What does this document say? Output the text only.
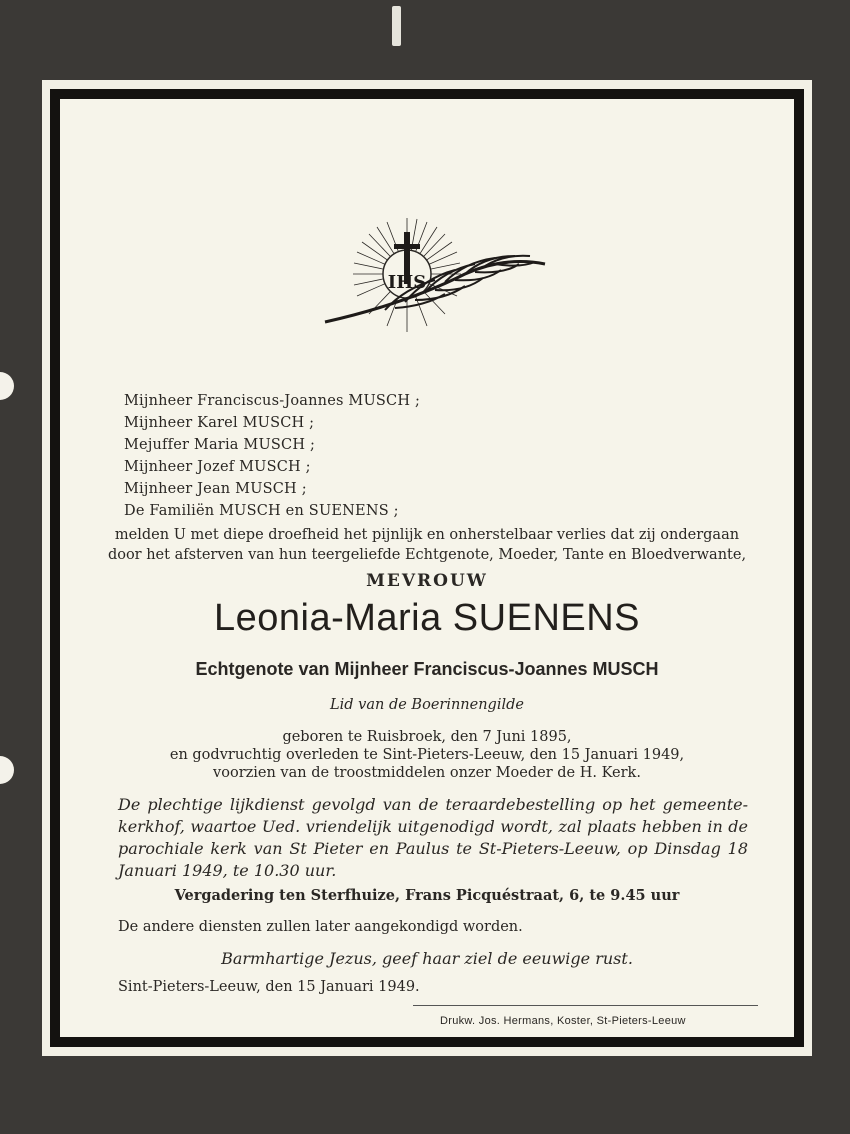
IHS
Mijnheer Franciscus-Joannes MUSCH ;
Mijnheer Karel MUSCH ;
Mejuffer Maria MUSCH ;
Mijnheer Jozef MUSCH ;
Mijnheer Jean MUSCH ;
De Familiën MUSCH en SUENENS ;
melden U met diepe droefheid het pijnlijk en onherstelbaar verlies dat zij ondergaan
door het afsterven van hun teergeliefde Echtgenote, Moeder, Tante en Bloedverwante,
MEVROUW
Leonia-Maria SUENENS
Echtgenote van Mijnheer Franciscus-Joannes MUSCH
Lid van de Boerinnengilde
geboren te Ruisbroek, den 7 Juni 1895,
en godvruchtig overleden te Sint-Pieters-Leeuw, den 15 Januari 1949,
voorzien van de troostmiddelen onzer Moeder de H. Kerk.
De plechtige lijkdienst gevolgd van de teraardebestelling op het gemeente-
kerkhof, waartoe Ued. vriendelijk uitgenodigd wordt, zal plaats hebben in de
parochiale kerk van St Pieter en Paulus te St-Pieters-Leeuw, op Dinsdag 18
Januari 1949, te 10.30 uur.
Vergadering ten Sterfhuize, Frans Picquéstraat, 6, te 9.45 uur
De andere diensten zullen later aangekondigd worden.
Barmhartige Jezus, geef haar ziel de eeuwige rust.
Sint-Pieters-Leeuw, den 15 Januari 1949.
Drukw. Jos. Hermans, Koster, St-Pieters-Leeuw
